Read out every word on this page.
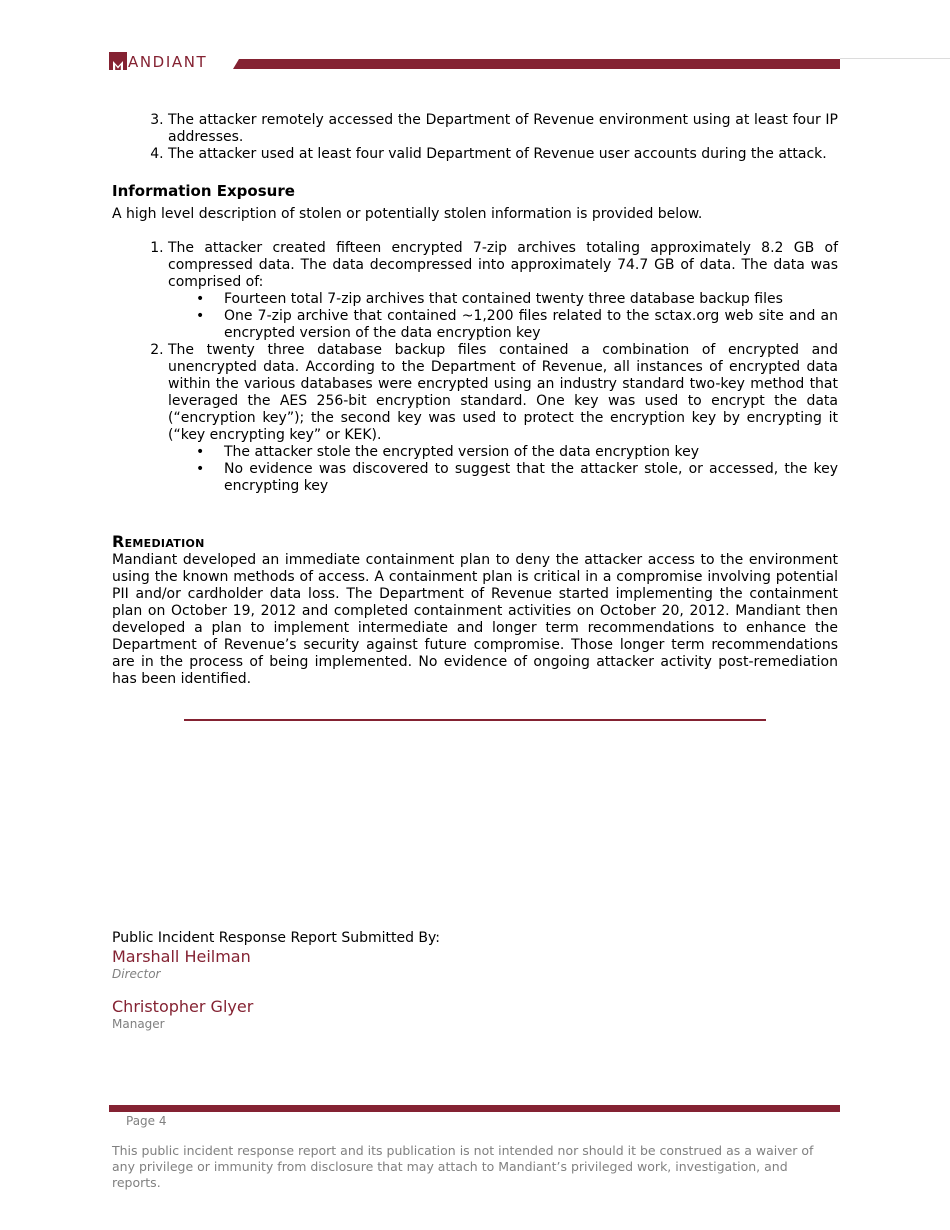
ANDIANT
3. The attacker remotely accessed the Department of Revenue environment using at least four IP addresses.
4. The attacker used at least four valid Department of Revenue user accounts during the attack.
Information Exposure

A high level description of stolen or potentially stolen information is provided below.

1. The attacker created fifteen encrypted 7-zip archives totaling approximately 8.2 GB of compressed data. The data decompressed into approximately 74.7 GB of data. The data was comprised of:

• Fourteen total 7-zip archives that contained twenty three database backup files
• One 7-zip archive that contained ~1,200 files related to the sctax.org web site and an encrypted version of the data encryption key

2. The twenty three database backup files contained a combination of encrypted and unencrypted data. According to the Department of Revenue, all instances of encrypted data within the various databases were encrypted using an industry standard two-key method that leveraged the AES 256-bit encryption standard. One key was used to encrypt the data (“encryption key”); the second key was used to protect the encryption key by encrypting it (“key encrypting key” or KEK).

• The attacker stole the encrypted version of the data encryption key
• No evidence was discovered to suggest that the attacker stole, or accessed, the key encrypting key
Remediation

Mandiant developed an immediate containment plan to deny the attacker access to the environment using the known methods of access. A containment plan is critical in a compromise involving potential PII and/or cardholder data loss. The Department of Revenue started implementing the containment plan on October 19, 2012 and completed containment activities on October 20, 2012. Mandiant then developed a plan to implement intermediate and longer term recommendations to enhance the Department of Revenue’s security against future compromise. Those longer term recommendations are in the process of being implemented. No evidence of ongoing attacker activity post-remediation has been identified.

Public Incident Response Report Submitted By:
Marshall Heilman
Director
Christopher Glyer
Manager
Page 4
This public incident response report and its publication is not intended nor should it be construed as a waiver of any privilege or immunity from disclosure that may attach to Mandiant’s privileged work, investigation, and reports.
